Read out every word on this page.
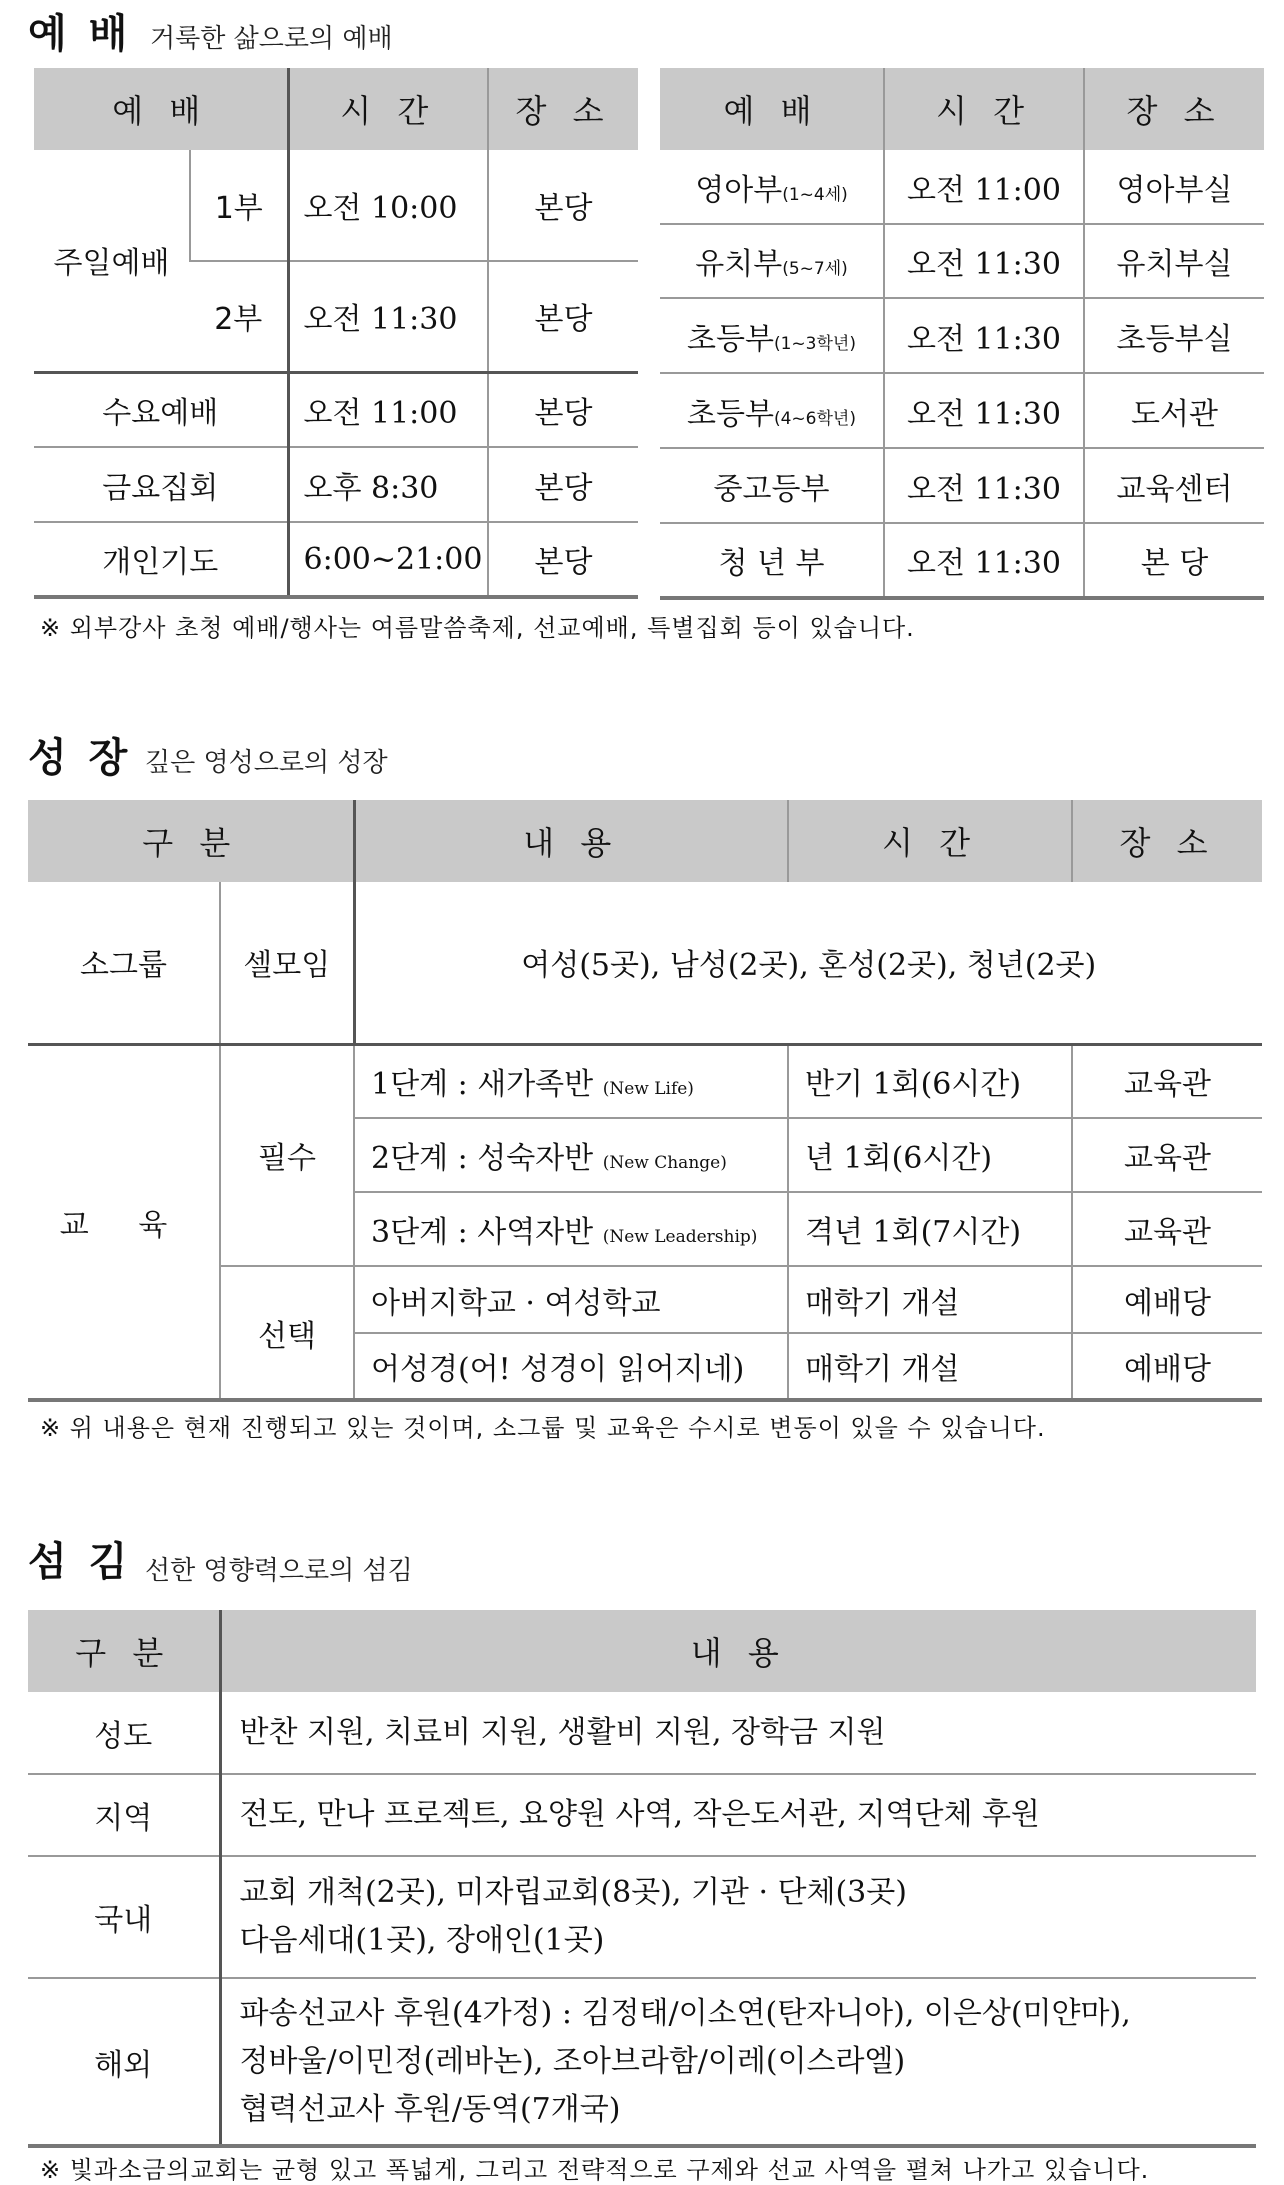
예 배 거룩한 삶으로의 예배
예 배		시 간	장 소
주일예배	1부	오전 10:00	본당
	2부	오전 11:30	본당
수요예배		오전 11:00	본당
금요집회		오후 8:30	본당
개인기도		6:00~21:00	본당
예 배	시 간	장 소
영아부(1~4세)	오전 11:00	영아부실
유치부(5~7세)	오전 11:30	유치부실
초등부(1~3학년)	오전 11:30	초등부실
초등부(4~6학년)	오전 11:30	도서관
중고등부	오전 11:30	교육센터
청 년 부	오전 11:30	본 당
※ 외부강사 초청 예배/행사는 여름말씀축제, 선교예배, 특별집회 등이 있습니다.
성 장 깊은 영성으로의 성장
구 분		내 용	시 간	장 소
소그룹	셀모임	여성(5곳), 남성(2곳), 혼성(2곳), 청년(2곳)		
교 육	필수	1단계 : 새가족반 (New Life)	반기 1회(6시간)	교육관
		2단계 : 성숙자반 (New Change)	년 1회(6시간)	교육관
		3단계 : 사역자반 (New Leadership)	격년 1회(7시간)	교육관
	선택	아버지학교 · 여성학교	매학기 개설	예배당
		어성경(어! 성경이 읽어지네)	매학기 개설	예배당
※ 위 내용은 현재 진행되고 있는 것이며, 소그룹 및 교육은 수시로 변동이 있을 수 있습니다.
섬 김 선한 영향력으로의 섬김
구 분	내 용
성도	반찬 지원, 치료비 지원, 생활비 지원, 장학금 지원

지역	전도, 만나 프로젝트, 요양원 사역, 작은도서관, 지역단체 후원

국내	교회 개척(2곳), 미자립교회(8곳), 기관 · 단체(3곳)
다음세대(1곳), 장애인(1곳)

해외	파송선교사 후원(4가정) : 김정태/이소연(탄자니아), 이은상(미얀마),
정바울/이민정(레바논), 조아브라함/이레(이스라엘)
협력선교사 후원/동역(7개국)
※ 빛과소금의교회는 균형 있고 폭넓게, 그리고 전략적으로 구제와 선교 사역을 펼쳐 나가고 있습니다.
